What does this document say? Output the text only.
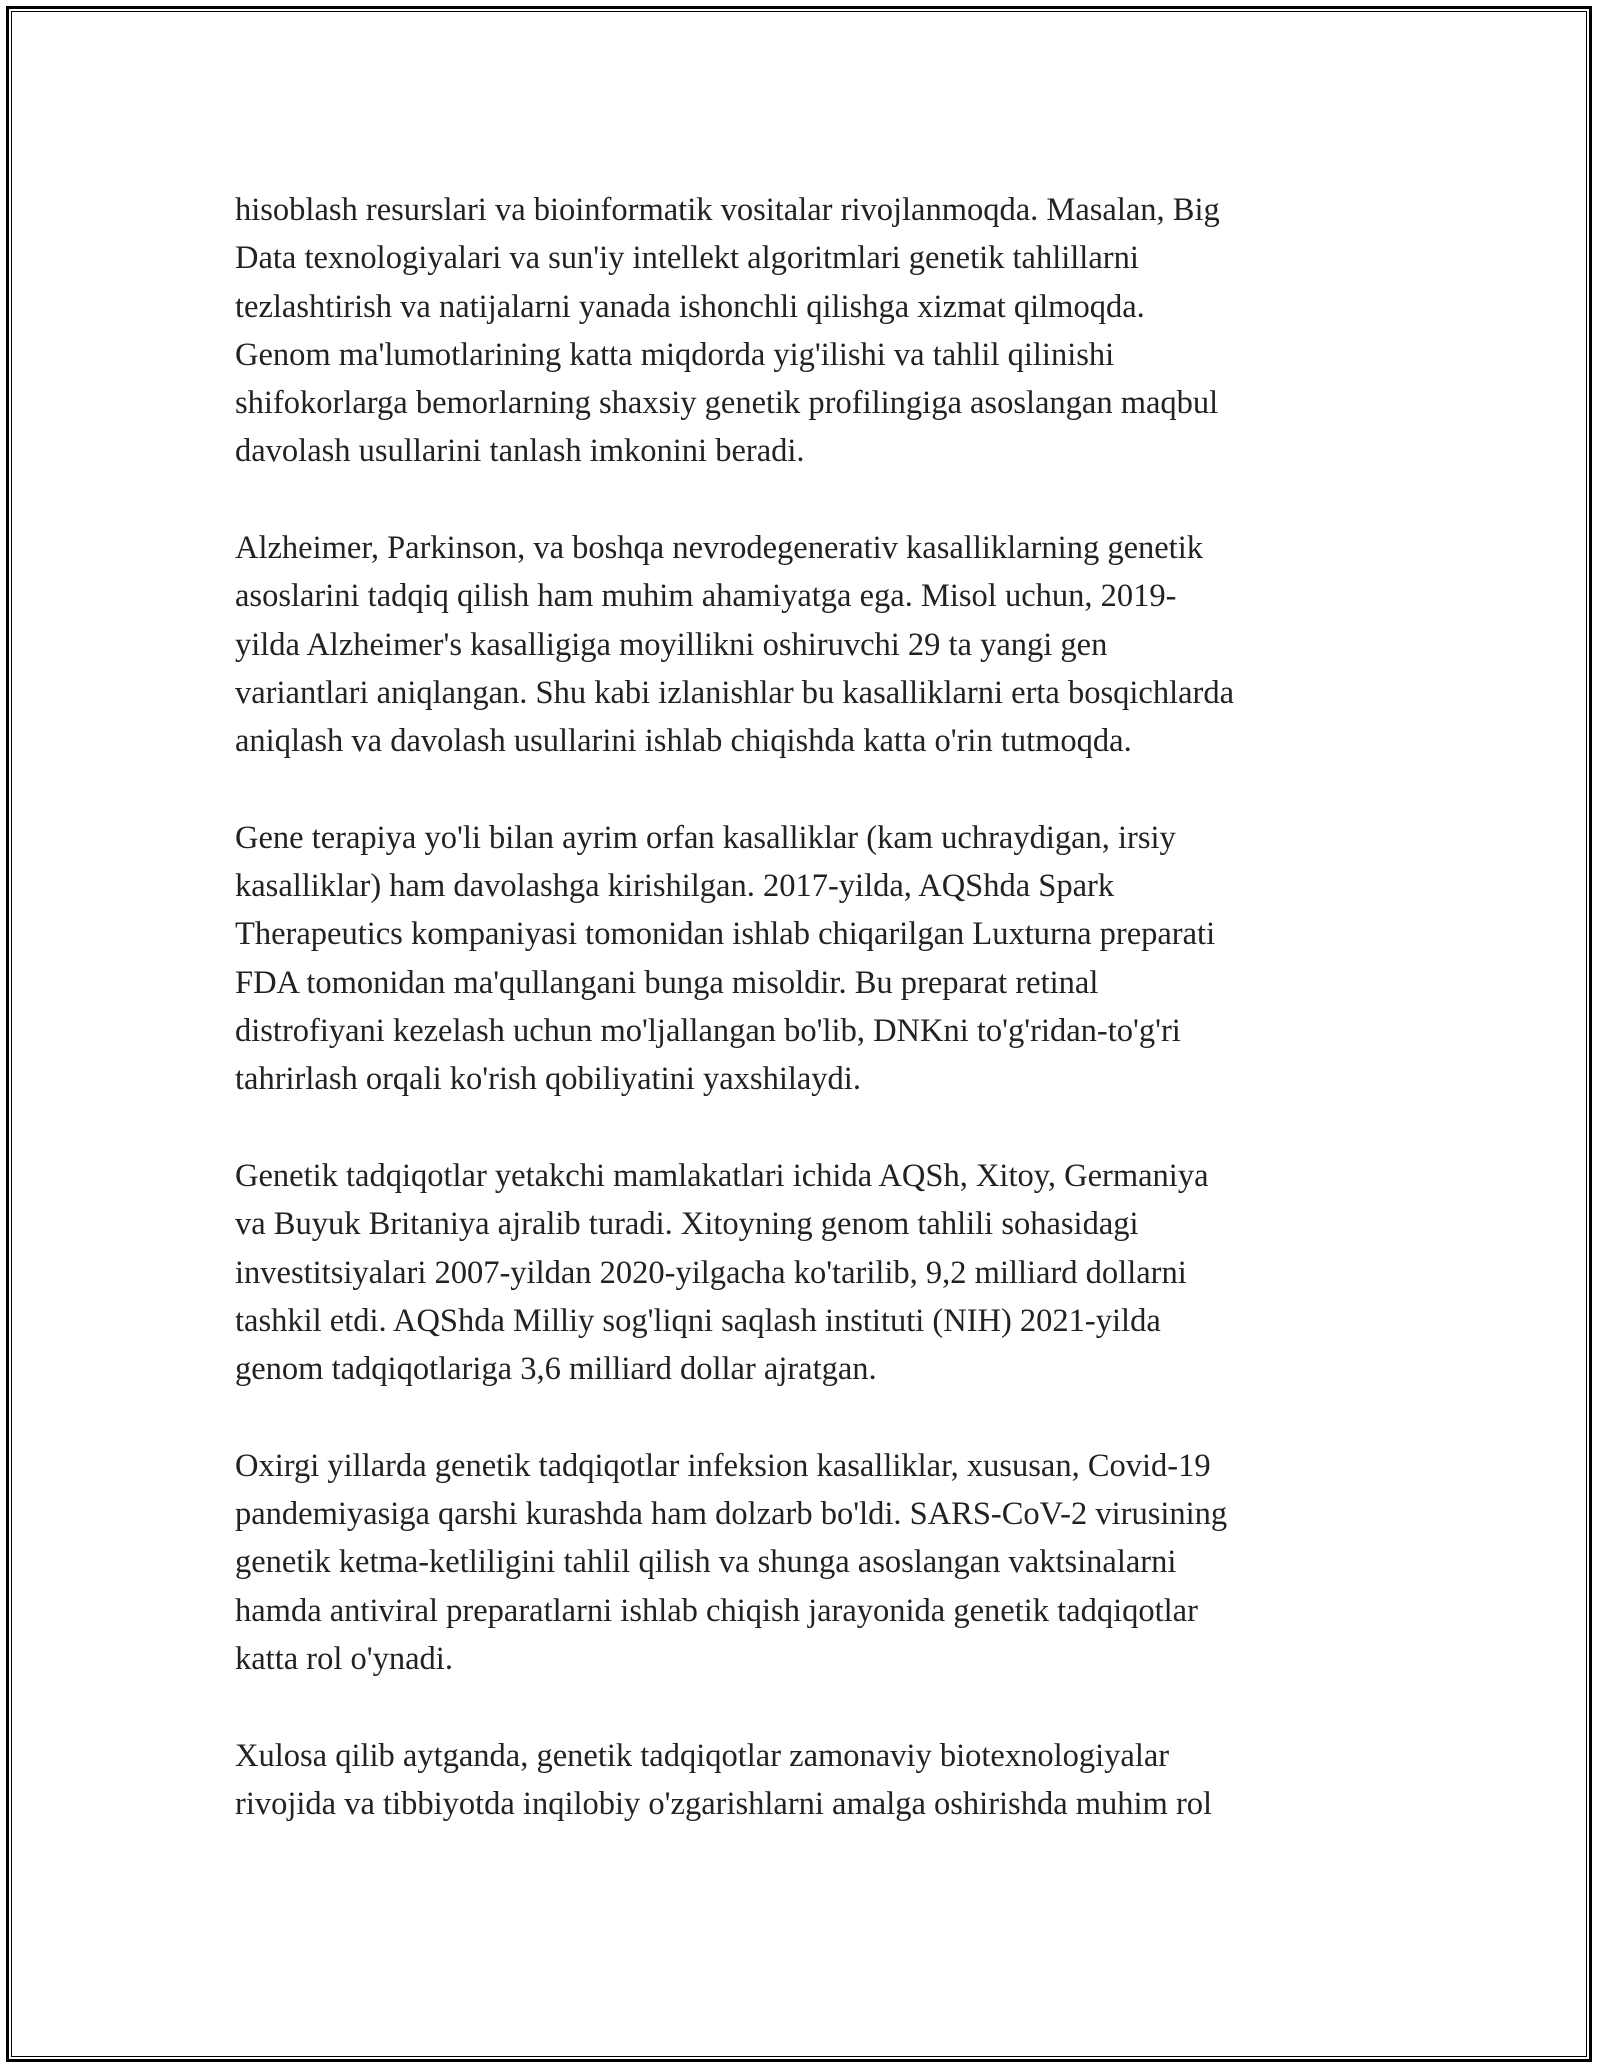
hisoblash resurslari va bioinformatik vositalar rivojlanmoqda. Masalan, Big
Data texnologiyalari va sun'iy intellekt algoritmlari genetik tahlillarni
tezlashtirish va natijalarni yanada ishonchli qilishga xizmat qilmoqda.
Genom ma'lumotlarining katta miqdorda yig'ilishi va tahlil qilinishi
shifokorlarga bemorlarning shaxsiy genetik profilingiga asoslangan maqbul
davolash usullarini tanlash imkonini beradi.

Alzheimer, Parkinson, va boshqa nevrodegenerativ kasalliklarning genetik
asoslarini tadqiq qilish ham muhim ahamiyatga ega. Misol uchun, 2019-
yilda Alzheimer's kasalligiga moyillikni oshiruvchi 29 ta yangi gen
variantlari aniqlangan. Shu kabi izlanishlar bu kasalliklarni erta bosqichlarda
aniqlash va davolash usullarini ishlab chiqishda katta o'rin tutmoqda.

Gene terapiya yo'li bilan ayrim orfan kasalliklar (kam uchraydigan, irsiy
kasalliklar) ham davolashga kirishilgan. 2017-yilda, AQShda Spark
Therapeutics kompaniyasi tomonidan ishlab chiqarilgan Luxturna preparati
FDA tomonidan ma'qullangani bunga misoldir. Bu preparat retinal
distrofiyani kezelash uchun mo'ljallangan bo'lib, DNKni to'g'ridan-to'g'ri
tahrirlash orqali ko'rish qobiliyatini yaxshilaydi.

Genetik tadqiqotlar yetakchi mamlakatlari ichida AQSh, Xitoy, Germaniya
va Buyuk Britaniya ajralib turadi. Xitoyning genom tahlili sohasidagi
investitsiyalari 2007-yildan 2020-yilgacha ko'tarilib, 9,2 milliard dollarni
tashkil etdi. AQShda Milliy sog'liqni saqlash instituti (NIH) 2021-yilda
genom tadqiqotlariga 3,6 milliard dollar ajratgan.

Oxirgi yillarda genetik tadqiqotlar infeksion kasalliklar, xususan, Covid-19
pandemiyasiga qarshi kurashda ham dolzarb bo'ldi. SARS-CoV-2 virusining
genetik ketma-ketliligini tahlil qilish va shunga asoslangan vaktsinalarni
hamda antiviral preparatlarni ishlab chiqish jarayonida genetik tadqiqotlar
katta rol o'ynadi.

Xulosa qilib aytganda, genetik tadqiqotlar zamonaviy biotexnologiyalar
rivojida va tibbiyotda inqilobiy o'zgarishlarni amalga oshirishda muhim rol
